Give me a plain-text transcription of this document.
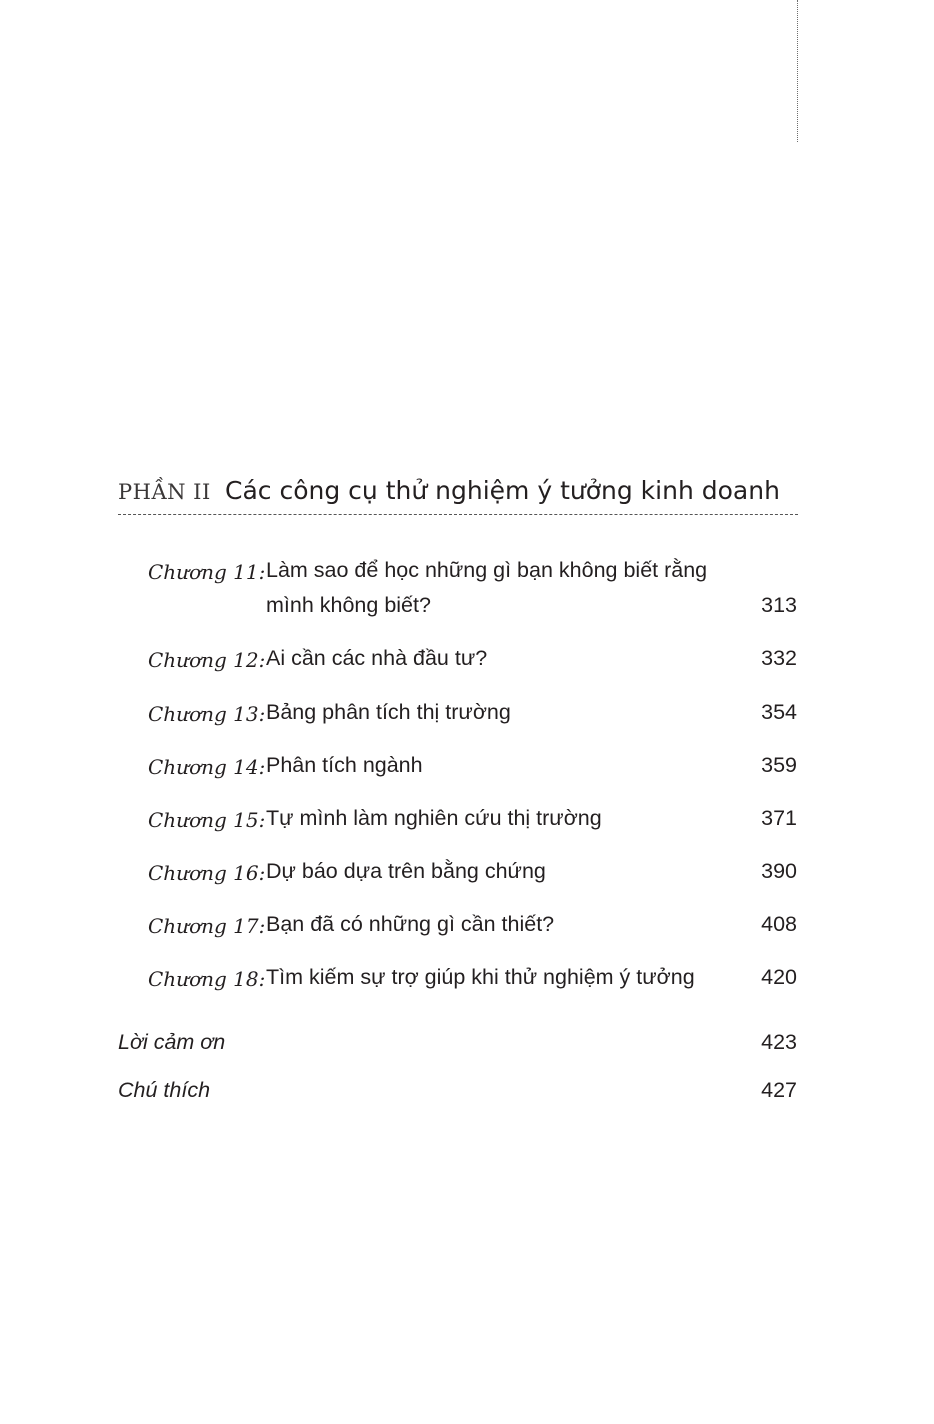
PHẦN II Các công cụ thử nghiệm ý tưởng kinh doanh
Chương 11: Làm sao để học những gì bạn không biết rằng
mình không biết?	313
Chương 12: Ai cần các nhà đầu tư?	332
Chương 13: Bảng phân tích thị trường	354
Chương 14: Phân tích ngành	359
Chương 15: Tự mình làm nghiên cứu thị trường	371
Chương 16: Dự báo dựa trên bằng chứng	390
Chương 17: Bạn đã có những gì cần thiết?	408
Chương 18: Tìm kiếm sự trợ giúp khi thử nghiệm ý tưởng	420
Lời cảm ơn	423
Chú thích	427
